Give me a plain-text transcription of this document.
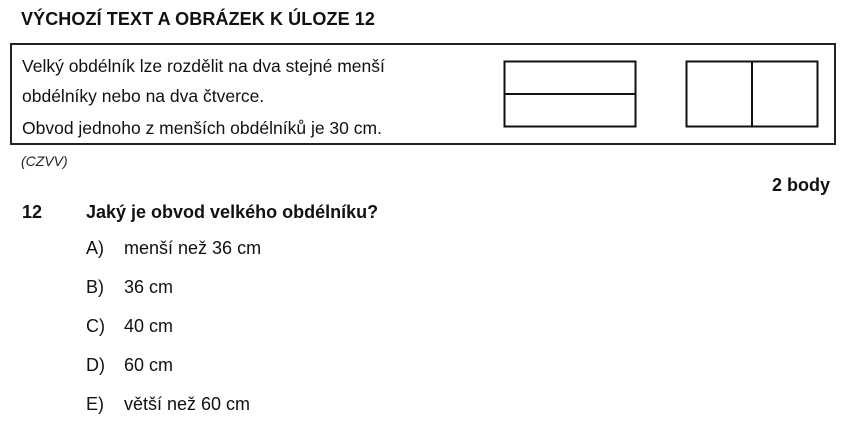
VÝCHOZÍ TEXT A OBRÁZEK K ÚLOZE 12

Velký obdélník lze rozdělit na dva stejné menší

obdélníky nebo na dva čtverce.

Obvod jednoho z menších obdélníků je 30 cm.

(CZVV)
2 body
12 Jaký je obvod velkého obdélníku?
A)	menší než 36 cm
B)	36 cm
C)	40 cm
D)	60 cm
E)	větší než 60 cm
